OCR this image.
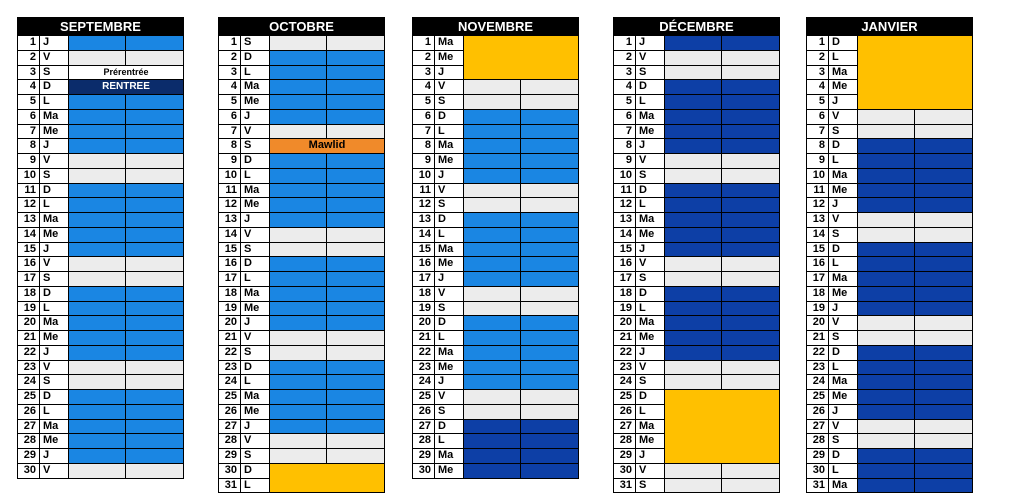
SEPTEMBRE
1 J
2 V
3 S	Prérentrée
4 D	RENTREE
5 L
6 Ma
7 Me
8 J
9 V
10 S
11 D
12 L
13 Ma
14 Me
15 J
16 V
17 S
18 D
19 L
20 Ma
21 Me
22 J
23 V
24 S
25 D
26 L
27 Ma
28 Me
29 J
30 V
OCTOBRE
1 S
2 D
3 L
4 Ma
5 Me
6 J
7 V
8 S	Mawlid
9 D
10 L
11 Ma
12 Me
13 J
14 V
15 S
16 D
17 L
18 Ma
19 Me
20 J
21 V
22 S
23 D
24 L
25 Ma
26 Me
27 J
28 V
29 S
30 D
31 L
NOVEMBRE
1 Ma
2 Me
3 J
4 V
5 S
6 D
7 L
8 Ma
9 Me
10 J
11 V
12 S
13 D
14 L
15 Ma
16 Me
17 J
18 V
19 S
20 D
21 L
22 Ma
23 Me
24 J
25 V
26 S
27 D
28 L
29 Ma
30 Me
DÉCEMBRE
1 J
2 V
3 S
4 D
5 L
6 Ma
7 Me
8 J
9 V
10 S
11 D
12 L
13 Ma
14 Me
15 J
16 V
17 S
18 D
19 L
20 Ma
21 Me
22 J
23 V
24 S
25 D
26 L
27 Ma
28 Me
29 J
30 V
31 S
JANVIER
1 D
2 L
3 Ma
4 Me
5 J
6 V
7 S
8 D
9 L
10 Ma
11 Me
12 J
13 V
14 S
15 D
16 L
17 Ma
18 Me
19 J
20 V
21 S
22 D
23 L
24 Ma
25 Me
26 J
27 V
28 S
29 D
30 L
31 Ma
